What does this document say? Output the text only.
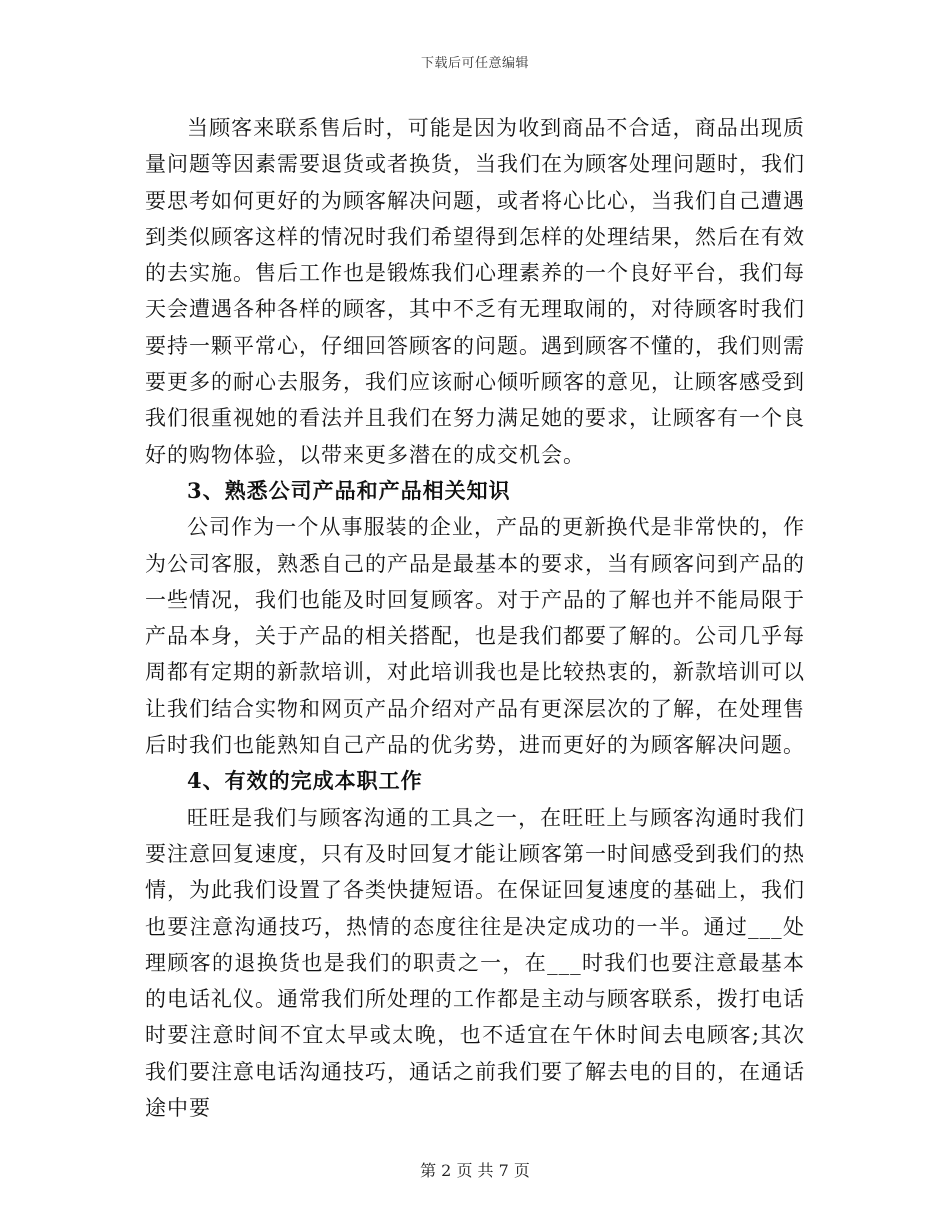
下载后可任意编辑

当顾客来联系售后时，可能是因为收到商品不合适，商品出现质量问题等因素需要退货或者换货，当我们在为顾客处理问题时，我们要思考如何更好的为顾客解决问题，或者将心比心，当我们自己遭遇到类似顾客这样的情况时我们希望得到怎样的处理结果，然后在有效的去实施。售后工作也是锻炼我们心理素养的一个良好平台，我们每天会遭遇各种各样的顾客，其中不乏有无理取闹的，对待顾客时我们要持一颗平常心，仔细回答顾客的问题。遇到顾客不懂的，我们则需要更多的耐心去服务，我们应该耐心倾听顾客的意见，让顾客感受到我们很重视她的看法并且我们在努力满足她的要求，让顾客有一个良好的购物体验，以带来更多潜在的成交机会。

3、熟悉公司产品和产品相关知识

公司作为一个从事服装的企业，产品的更新换代是非常快的，作为公司客服，熟悉自己的产品是最基本的要求，当有顾客问到产品的一些情况，我们也能及时回复顾客。对于产品的了解也并不能局限于产品本身，关于产品的相关搭配，也是我们都要了解的。公司几乎每周都有定期的新款培训，对此培训我也是比较热衷的，新款培训可以让我们结合实物和网页产品介绍对产品有更深层次的了解，在处理售后时我们也能熟知自己产品的优劣势，进而更好的为顾客解决问题。

4、有效的完成本职工作

旺旺是我们与顾客沟通的工具之一，在旺旺上与顾客沟通时我们要注意回复速度，只有及时回复才能让顾客第一时间感受到我们的热情，为此我们设置了各类快捷短语。在保证回复速度的基础上，我们也要注意沟通技巧，热情的态度往往是决定成功的一半。通过___处理顾客的退换货也是我们的职责之一，在___时我们也要注意最基本的电话礼仪。通常我们所处理的工作都是主动与顾客联系，拨打电话时要注意时间不宜太早或太晚，也不适宜在午休时间去电顾客;其次我们要注意电话沟通技巧，通话之前我们要了解去电的目的，在通话途中要

第 2 页 共 7 页
